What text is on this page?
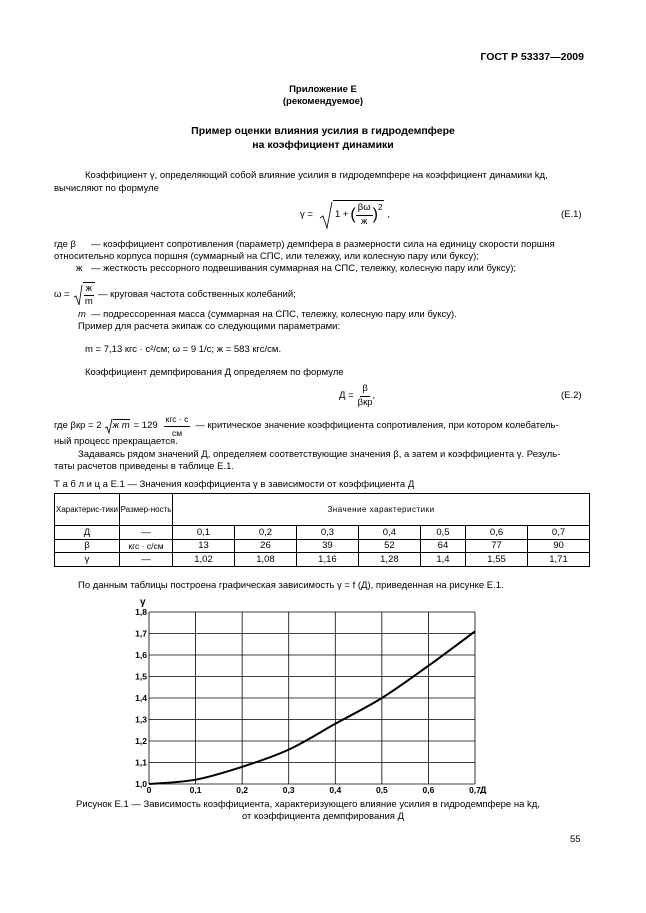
ГОСТ Р 53337—2009
Приложение Е
(рекомендуемое)
Пример оценки влияния усилия в гидродемпфере
на коэффициент динамики
Коэффициент γ, определяющий собой влияние усилия в гидродемпфере на коэффициент динамики kд,
вычисляют по формуле
γ = 1 + ( $\frac{\beta\omega}{ж} )^2$
,	(Е.1)
где β — коэффициент сопротивления (параметр) демпфера в размерности сила на единицу скорости поршня
относительно корпуса поршня (суммарный на СПС, или тележку, или колесную пару или буксу);
ж — жесткость рессорного подвешивания суммарная на СПС, тележку, колесную пару или буксу);
$\omega = \frac{ж}{m}$ — круговая частота собственных колебаний;
m — подрессоренная масса (суммарная на СПС, тележку, колесную пару или буксу).
Пример для расчета экипаж со следующими параметрами:
m = 7,13 кгс · с²/см; ω = 9 1/с; ж = 583 кгс/см.
Коэффициент демпфирования Д определяем по формуле
$Д = \frac{\beta}{\text{βкр}}$ ,	(Е.2)
где βкр = 2 ж $m = 129 \frac{\text{кгс · с}}{см}$ — критическое значение коэффициента сопротивления, при котором колебатель-
ный процесс прекращается.
Задаваясь рядом значений Д, определяем соответствующие значения β, а затем и коэффициента γ. Резуль-
таты расчетов приведены в таблице Е.1.
Т а б л и ц а Е.1 — Значения коэффициента γ в зависимости от коэффициента Д
Характерис-тики	Размер-ность	Значение характеристики						
Д	—	0,1	0,2	0,3	0,4	0,5	0,6	0,7
β	кгс · с/см	13	26	39	52	64	77	90
γ	—	1,02	1,08	1,16	1,28	1,4	1,55	1,71
По данным таблицы построена графическая зависимость γ = f (Д), приведенная на рисунке Е.1.
0	0,1	0,2	0,3	0,4	0,5	0,6	0,7
1,0
1,1
1,2
1,3
1,4
1,5
1,6
1,7
1,8
γ
Д
Рисунок Е.1 — Зависимость коэффициента, характеризующего влияние усилия в гидродемпфере на kд,
от коэффициента демпфирования Д
55
